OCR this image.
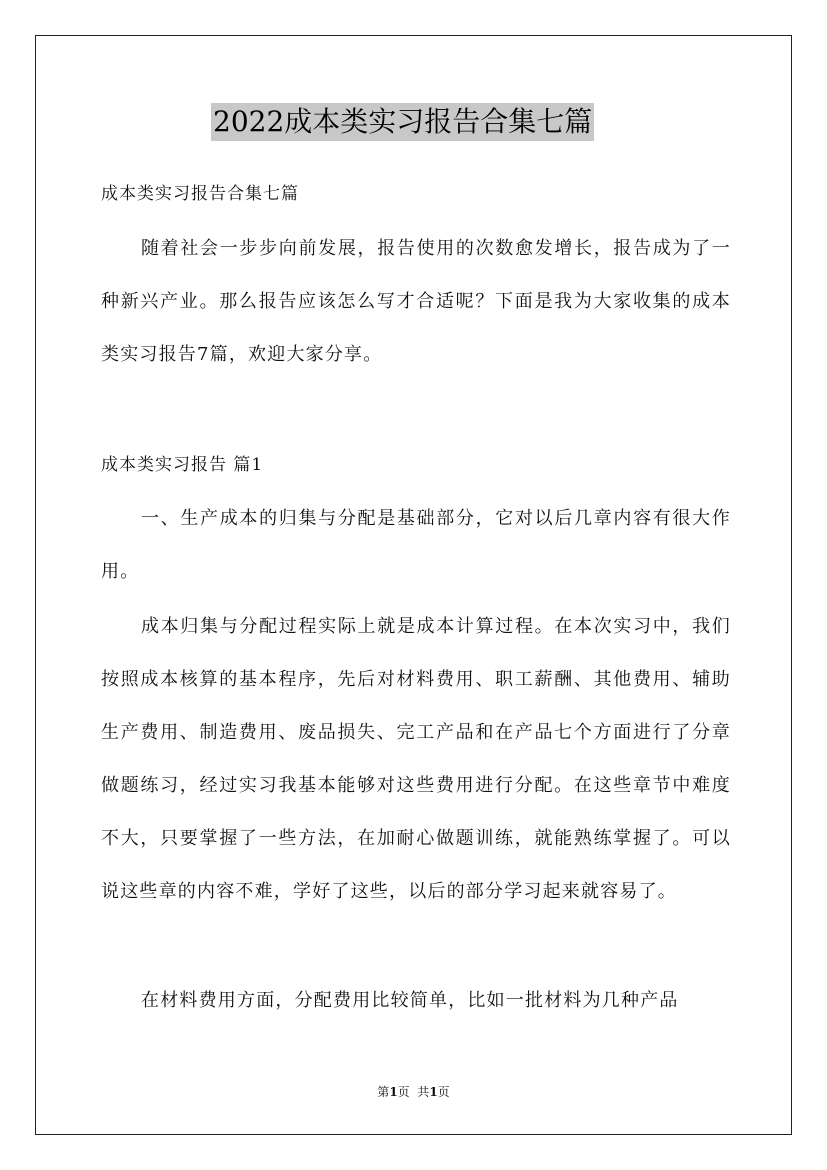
2022成本类实习报告合集七篇
成本类实习报告合集七篇

随着社会一步步向前发展，报告使用的次数愈发增长，报告成为了一种新兴产业。那么报告应该怎么写才合适呢？下面是我为大家收集的成本类实习报告7篇，欢迎大家分享。

成本类实习报告 篇1

一、生产成本的归集与分配是基础部分，它对以后几章内容有很大作用。

成本归集与分配过程实际上就是成本计算过程。在本次实习中，我们按照成本核算的基本程序，先后对材料费用、职工薪酬、其他费用、辅助生产费用、制造费用、废品损失、完工产品和在产品七个方面进行了分章做题练习，经过实习我基本能够对这些费用进行分配。在这些章节中难度不大，只要掌握了一些方法，在加耐心做题训练，就能熟练掌握了。可以说这些章的内容不难，学好了这些，以后的部分学习起来就容易了。

在材料费用方面，分配费用比较简单，比如一批材料为几种产品

第1页  共1页
